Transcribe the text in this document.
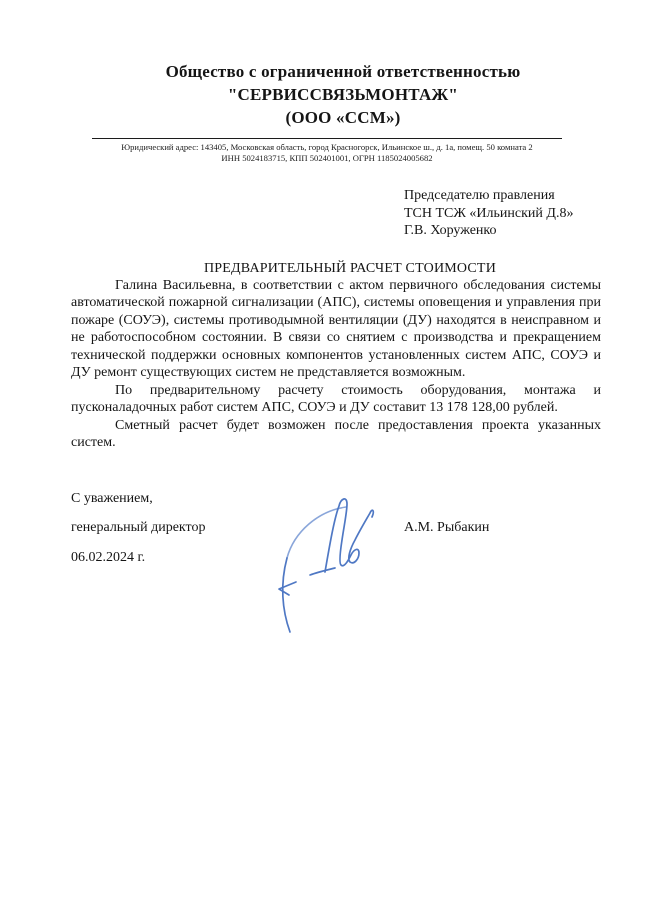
Общество с ограниченной ответственностью
"СЕРВИССВЯЗЬМОНТАЖ"
(ООО «ССМ»)
Юридический адрес: 143405, Московская область, город Красногорск, Ильинское ш., д. 1а, помещ. 50 комната 2
ИНН 5024183715, КПП 502401001, ОГРН 1185024005682
Председателю правления
ТСН ТСЖ «Ильинский Д.8»
Г.В. Хоруженко
ПРЕДВАРИТЕЛЬНЫЙ РАСЧЕТ СТОИМОСТИ

Галина Васильевна, в соответствии с актом первичного обследования системы автоматической пожарной сигнализации (АПС), системы оповещения и управления при пожаре (СОУЭ), системы противодымной вентиляции (ДУ) находятся в неисправном и не работоспособном состоянии. В связи со снятием с производства и прекращением технической поддержки основных компонентов установленных систем АПС, СОУЭ и ДУ ремонт существующих систем не представляется возможным.

По предварительному расчету стоимость оборудования, монтажа и пусконаладочных работ систем АПС, СОУЭ и ДУ составит 13 178 128,00 рублей.

Сметный расчет будет возможен после предоставления проекта указанных систем.

С уважением,
генеральный директор	А.М. Рыбакин
06.02.2024 г.
